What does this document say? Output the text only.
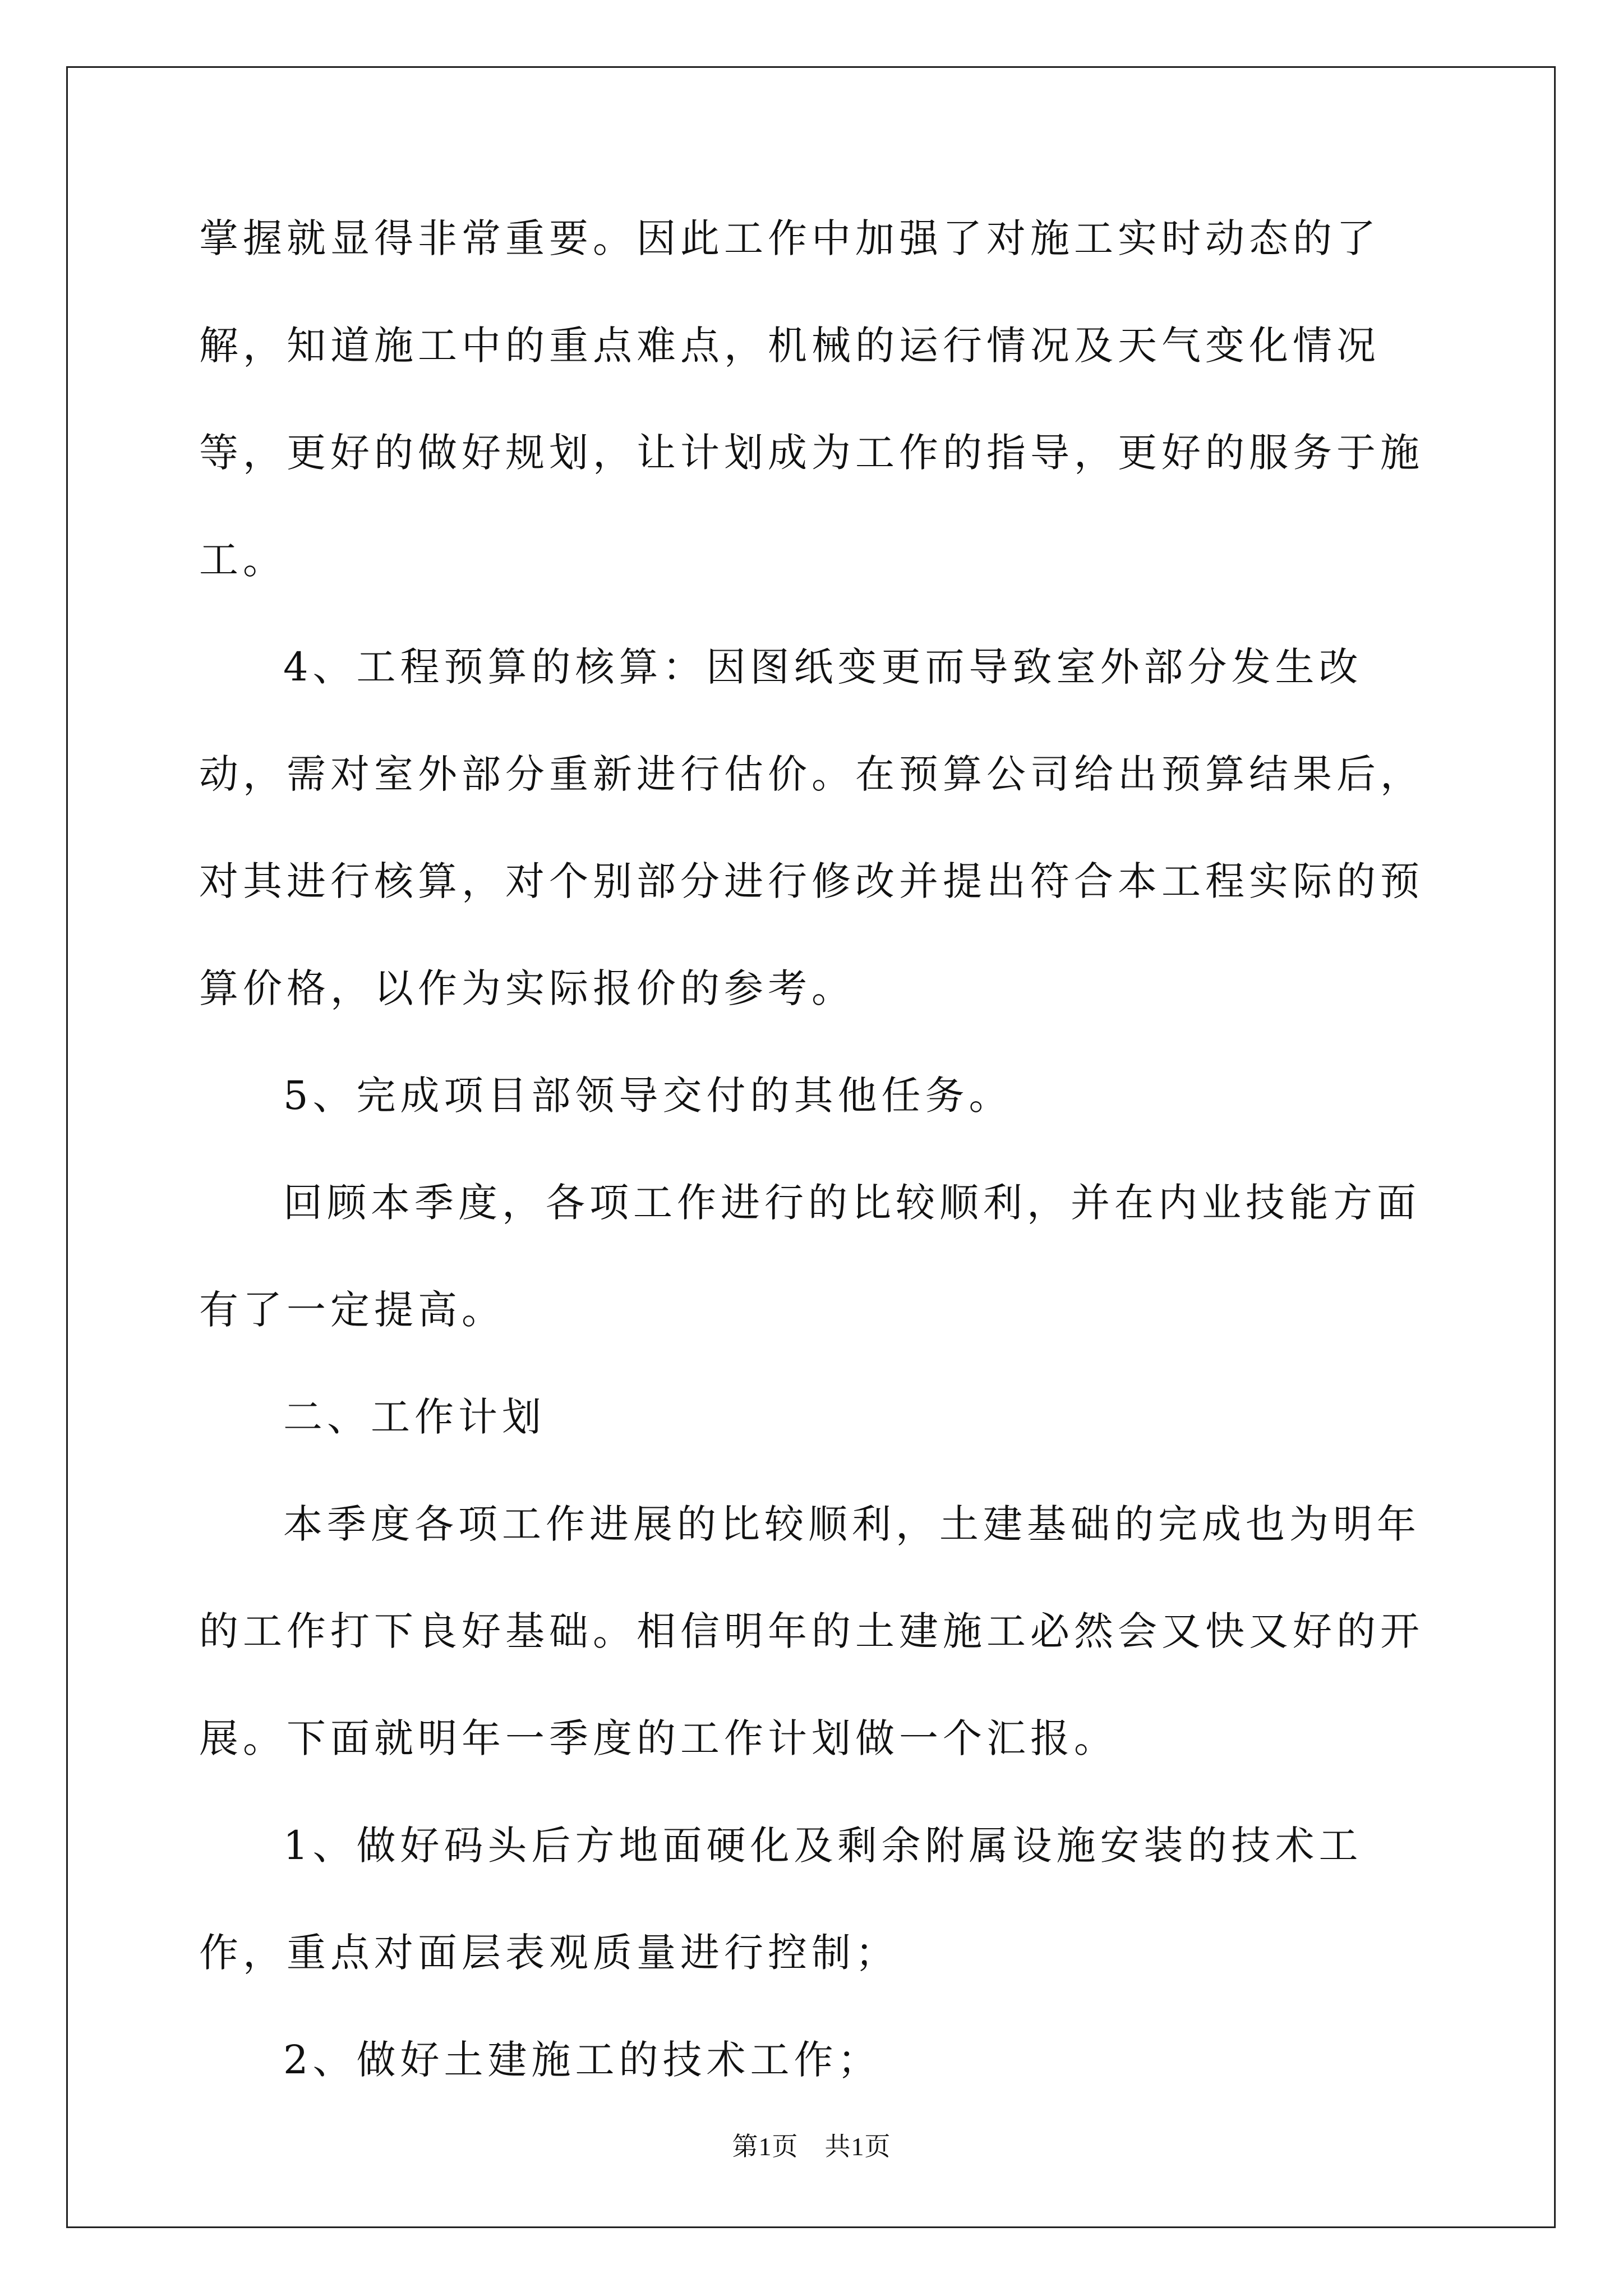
掌握就显得非常重要。因此工作中加强了对施工实时动态的了解，知道施工中的重点难点，机械的运行情况及天气变化情况等，更好的做好规划，让计划成为工作的指导，更好的服务于施工。

4、工程预算的核算：因图纸变更而导致室外部分发生改动，需对室外部分重新进行估价。在预算公司给出预算结果后，对其进行核算，对个别部分进行修改并提出符合本工程实际的预算价格，以作为实际报价的参考。

5、完成项目部领导交付的其他任务。

回顾本季度，各项工作进行的比较顺利，并在内业技能方面有了一定提高。

二、工作计划

本季度各项工作进展的比较顺利，土建基础的完成也为明年的工作打下良好基础。相信明年的土建施工必然会又快又好的开展。下面就明年一季度的工作计划做一个汇报。

1、做好码头后方地面硬化及剩余附属设施安装的技术工作，重点对面层表观质量进行控制；

2、做好土建施工的技术工作；

第1页　共1页
